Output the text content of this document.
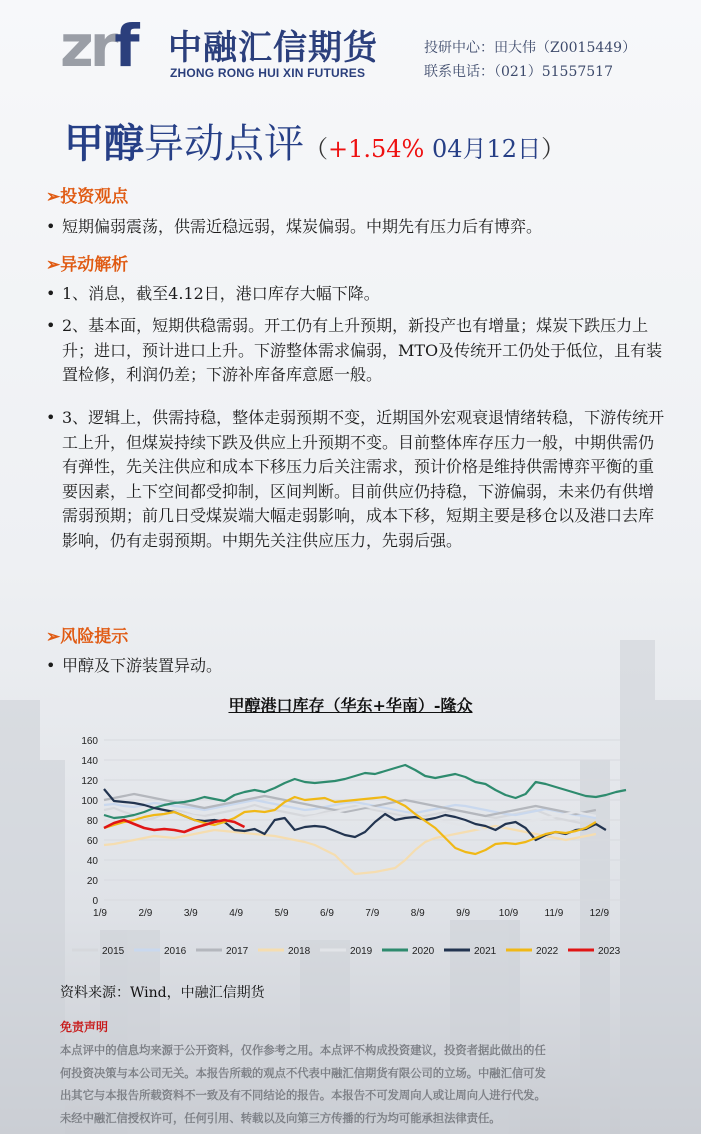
zrf 中融汇信期货
ZHONG RONG HUI XIN FUTURES
投研中心：田大伟（Z0015449）
联系电话：（021）51557517
甲醇异动点评（+1.54% 04月12日）
➢投资观点
• 短期偏弱震荡，供需近稳远弱，煤炭偏弱。中期先有压力后有博弈。
➢异动解析
• 1、消息，截至4.12日，港口库存大幅下降。
• 2、基本面，短期供稳需弱。开工仍有上升预期，新投产也有增量；煤炭下跌压力上升；进口，预计进口上升。下游整体需求偏弱，MTO及传统开工仍处于低位，且有装置检修，利润仍差；下游补库备库意愿一般。
• 3、逻辑上，供需持稳，整体走弱预期不变，近期国外宏观衰退情绪转稳，下游传统开工上升，但煤炭持续下跌及供应上升预期不变。目前整体库存压力一般，中期供需仍有弹性，先关注供应和成本下移压力后关注需求，预计价格是维持供需博弈平衡的重要因素，上下空间都受抑制，区间判断。目前供应仍持稳，下游偏弱，未来仍有供增需弱预期；前几日受煤炭端大幅走弱影响，成本下移，短期主要是移仓以及港口去库影响，仍有走弱预期。中期先关注供应压力，先弱后强。
➢风险提示
• 甲醇及下游装置异动。
甲醇港口库存（华东+华南）-隆众
0
20
40
60
80
100
120
140
160
1/9	2/9	3/9	4/9	5/9	6/9	7/9	8/9	9/9	10/9	11/9	12/9
2015	2016	2017	2018	2019	2020	2021	2022	2023
资料来源：Wind，中融汇信期货
免责声明
本点评中的信息均来源于公开资料，仅作参考之用。本点评不构成投资建议，投资者据此做出的任
何投资决策与本公司无关。本报告所载的观点不代表中融汇信期货有限公司的立场。中融汇信可发
出其它与本报告所载资料不一致及有不同结论的报告。本报告不可发周向人或让周向人进行代发。
未经中融汇信授权许可，任何引用、转载以及向第三方传播的行为均可能承担法律责任。
